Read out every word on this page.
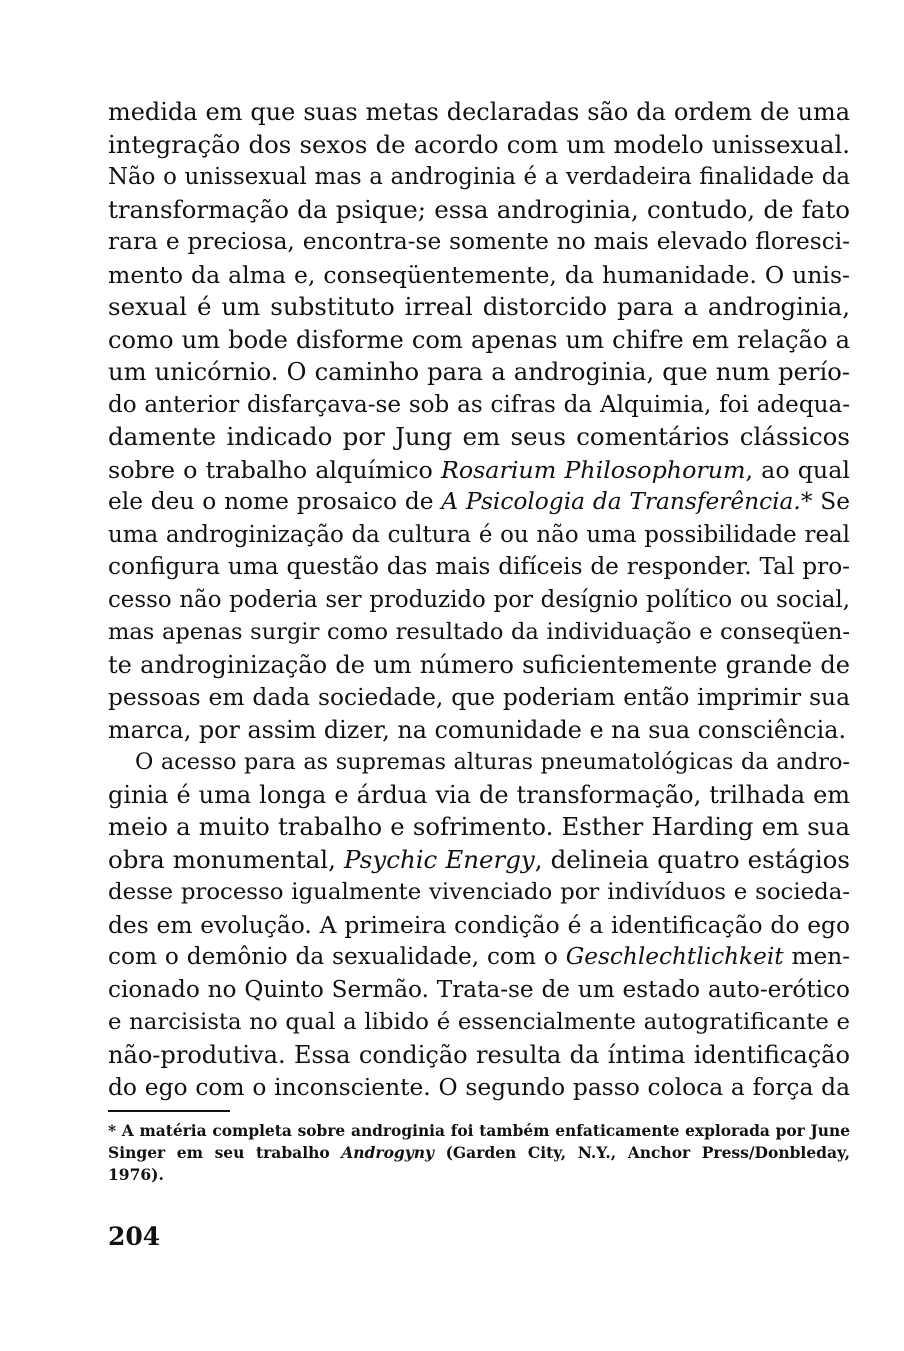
medida em que suas metas declaradas são da ordem de uma
integração dos sexos de acordo com um modelo unissexual.
Não o unissexual mas a androginia é a verdadeira finalidade da
transformação da psique; essa androginia, contudo, de fato
rara e preciosa, encontra-se somente no mais elevado floresci-
mento da alma e, conseqüentemente, da humanidade. O unis-
sexual é um substituto irreal distorcido para a androginia,
como um bode disforme com apenas um chifre em relação a
um unicórnio. O caminho para a androginia, que num perío-
do anterior disfarçava-se sob as cifras da Alquimia, foi adequa-
damente indicado por Jung em seus comentários clássicos
sobre o trabalho alquímico Rosarium Philosophorum, ao qual
ele deu o nome prosaico de A Psicologia da Transferência.* Se
uma androginização da cultura é ou não uma possibilidade real
configura uma questão das mais difíceis de responder. Tal pro-
cesso não poderia ser produzido por desígnio político ou social,
mas apenas surgir como resultado da individuação e conseqüen-
te androginização de um número suficientemente grande de
pessoas em dada sociedade, que poderiam então imprimir sua
marca, por assim dizer, na comunidade e na sua consciência.
O acesso para as supremas alturas pneumatológicas da andro-
ginia é uma longa e árdua via de transformação, trilhada em
meio a muito trabalho e sofrimento. Esther Harding em sua
obra monumental, Psychic Energy, delineia quatro estágios
desse processo igualmente vivenciado por indivíduos e socieda-
des em evolução. A primeira condição é a identificação do ego
com o demônio da sexualidade, com o Geschlechtlichkeit men-
cionado no Quinto Sermão. Trata-se de um estado auto-erótico
e narcisista no qual a libido é essencialmente autogratificante e
não-produtiva. Essa condição resulta da íntima identificação
do ego com o inconsciente. O segundo passo coloca a força da
* A matéria completa sobre androginia foi também enfaticamente explorada por June
Singer em seu trabalho Androgyny (Garden City, N.Y., Anchor Press/Donbleday,
1976).
204
